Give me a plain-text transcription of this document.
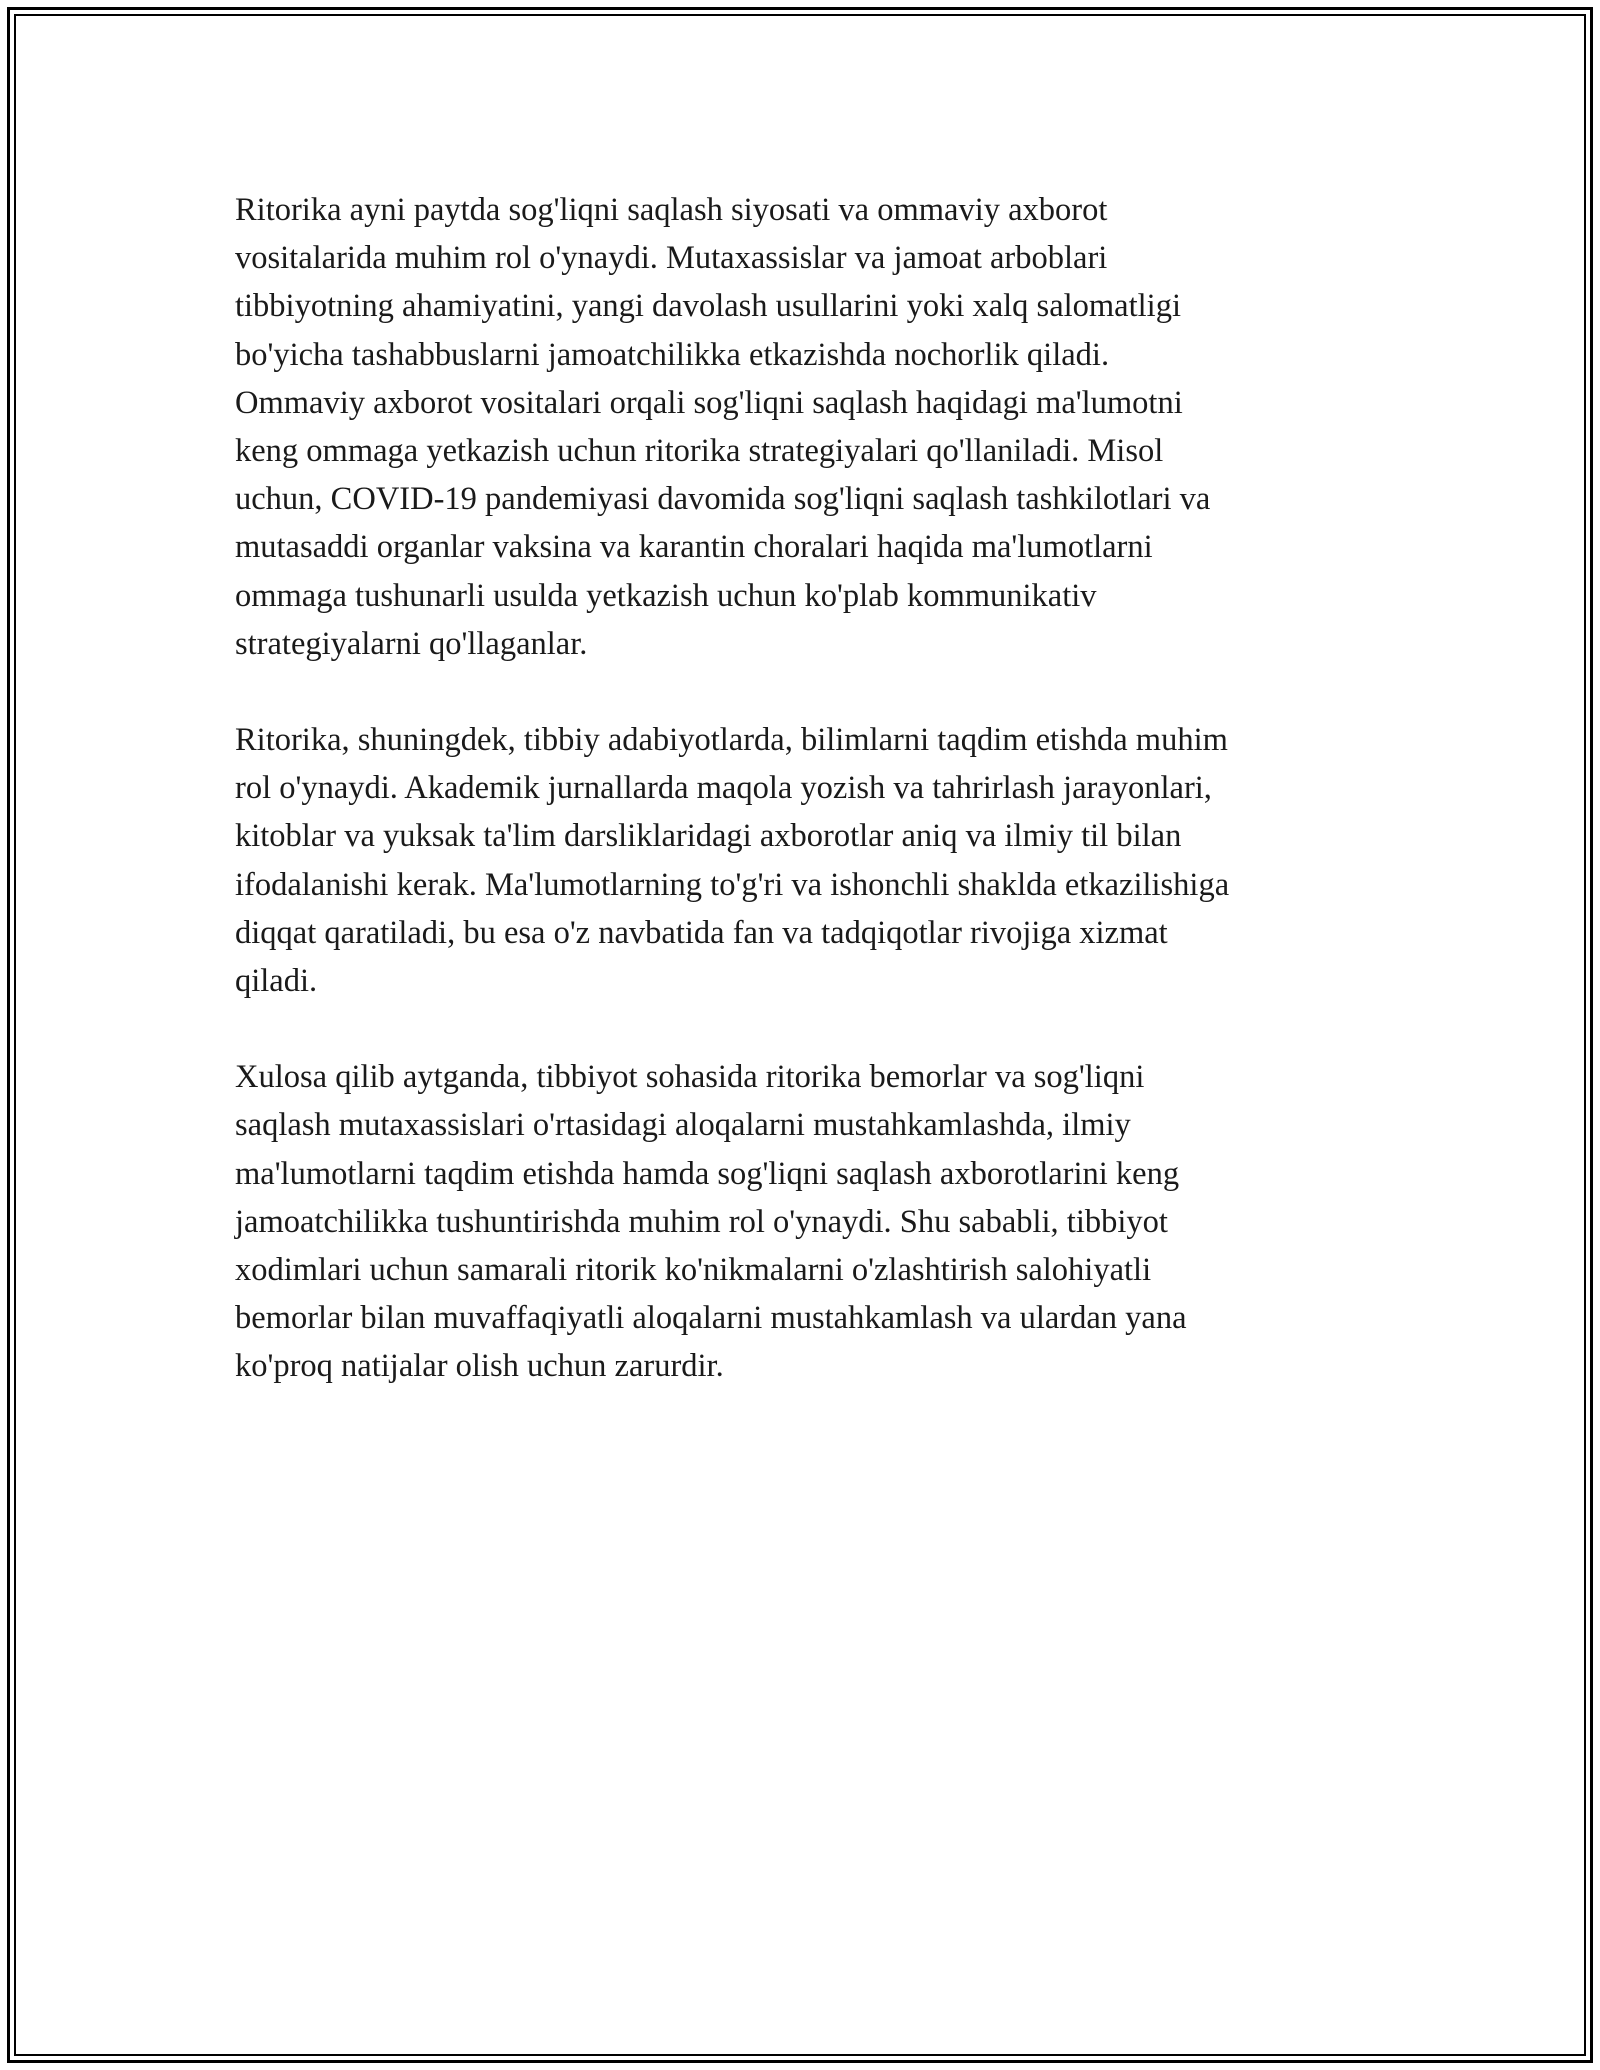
Ritorika ayni paytda sog'liqni saqlash siyosati va ommaviy axborot
vositalarida muhim rol o'ynaydi. Mutaxassislar va jamoat arboblari
tibbiyotning ahamiyatini, yangi davolash usullarini yoki xalq salomatligi
bo'yicha tashabbuslarni jamoatchilikka etkazishda nochorlik qiladi.
Ommaviy axborot vositalari orqali sog'liqni saqlash haqidagi ma'lumotni
keng ommaga yetkazish uchun ritorika strategiyalari qo'llaniladi. Misol
uchun, COVID-19 pandemiyasi davomida sog'liqni saqlash tashkilotlari va
mutasaddi organlar vaksina va karantin choralari haqida ma'lumotlarni
ommaga tushunarli usulda yetkazish uchun ko'plab kommunikativ
strategiyalarni qo'llaganlar.

Ritorika, shuningdek, tibbiy adabiyotlarda, bilimlarni taqdim etishda muhim
rol o'ynaydi. Akademik jurnallarda maqola yozish va tahrirlash jarayonlari,
kitoblar va yuksak ta'lim darsliklaridagi axborotlar aniq va ilmiy til bilan
ifodalanishi kerak. Ma'lumotlarning to'g'ri va ishonchli shaklda etkazilishiga
diqqat qaratiladi, bu esa o'z navbatida fan va tadqiqotlar rivojiga xizmat
qiladi.

Xulosa qilib aytganda, tibbiyot sohasida ritorika bemorlar va sog'liqni
saqlash mutaxassislari o'rtasidagi aloqalarni mustahkamlashda, ilmiy
ma'lumotlarni taqdim etishda hamda sog'liqni saqlash axborotlarini keng
jamoatchilikka tushuntirishda muhim rol o'ynaydi. Shu sababli, tibbiyot
xodimlari uchun samarali ritorik ko'nikmalarni o'zlashtirish salohiyatli
bemorlar bilan muvaffaqiyatli aloqalarni mustahkamlash va ulardan yana
ko'proq natijalar olish uchun zarurdir.
